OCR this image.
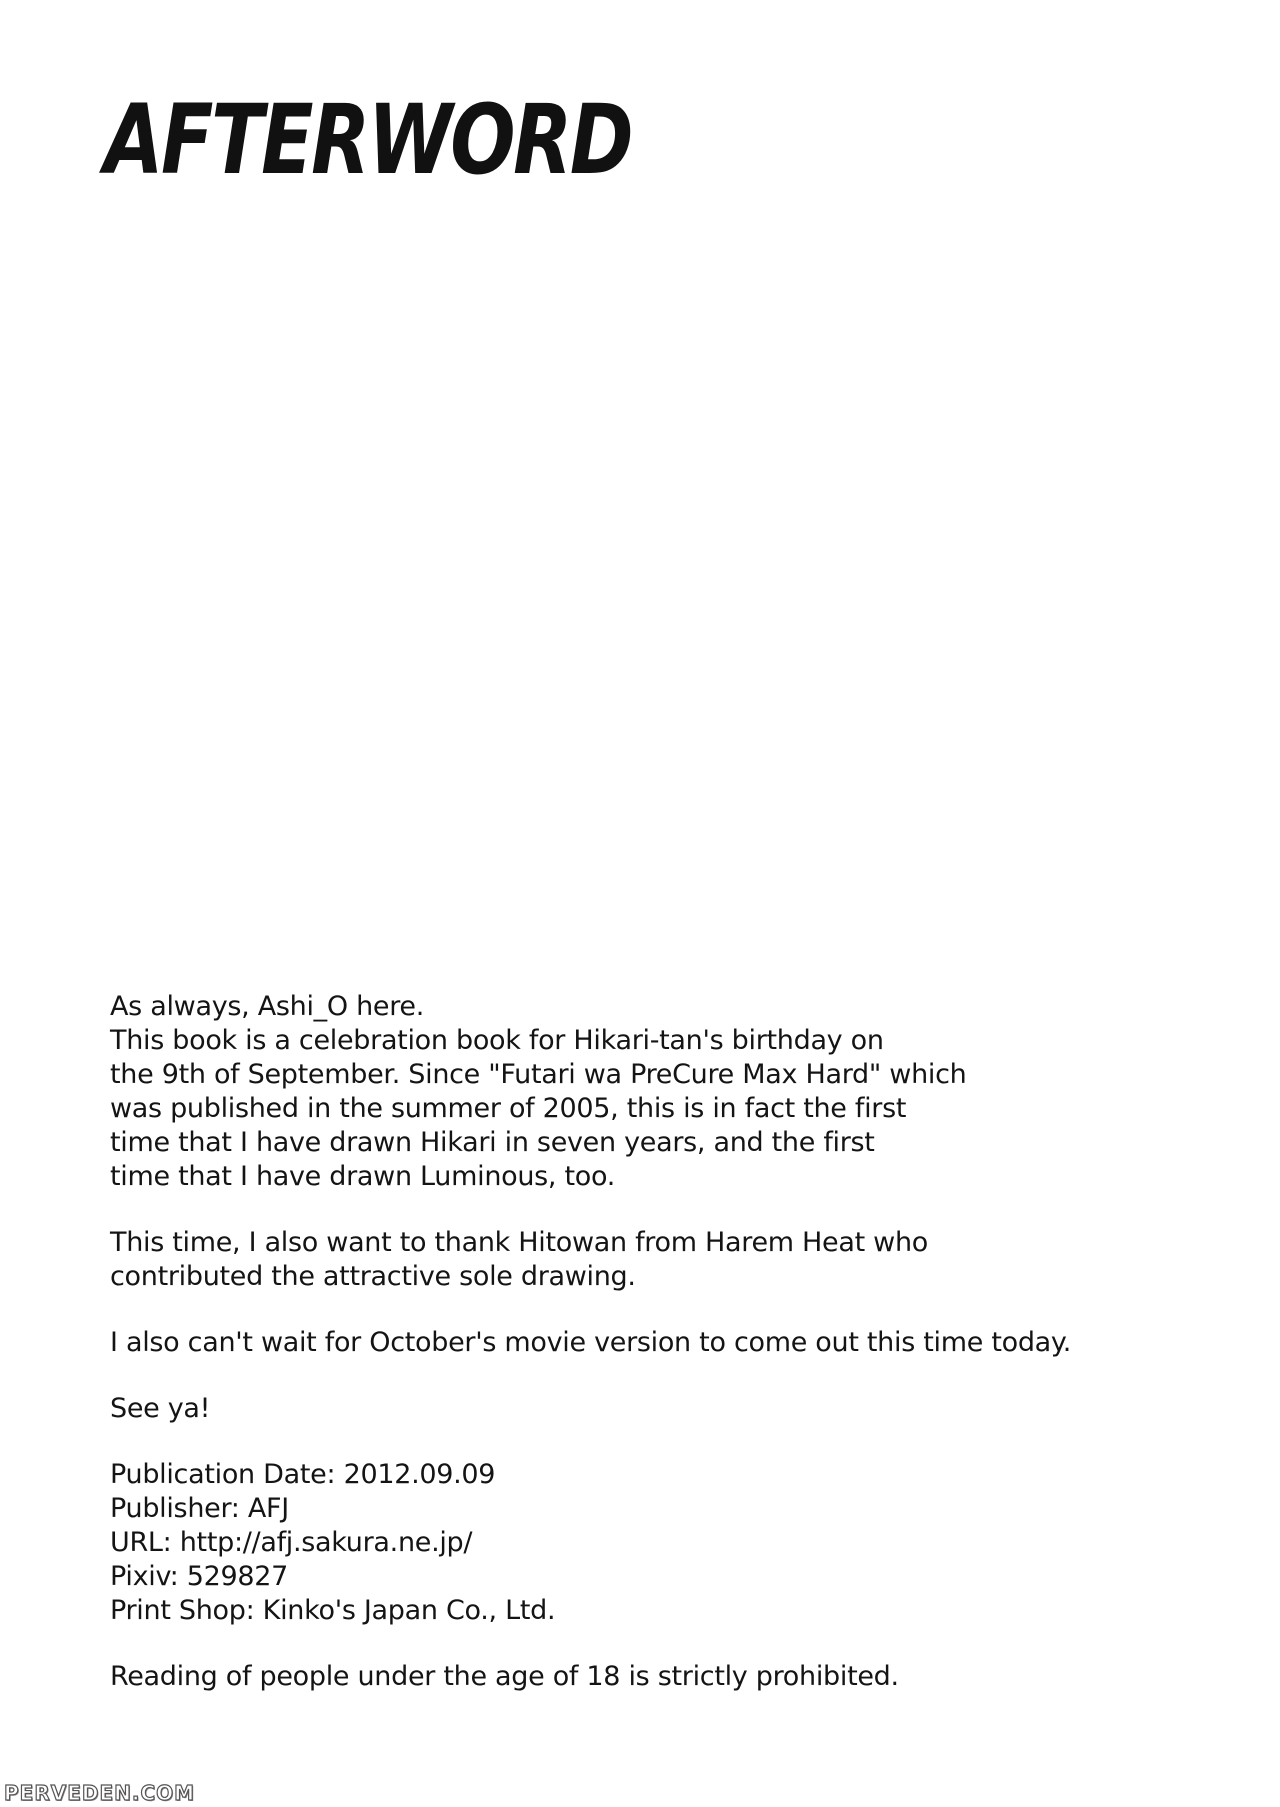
AFTERWORD

As always, Ashi_O here.
This book is a celebration book for Hikari-tan's birthday on
the 9th of September. Since "Futari wa PreCure Max Hard" which
was published in the summer of 2005, this is in fact the first
time that I have drawn Hikari in seven years, and the first
time that I have drawn Luminous, too.

This time, I also want to thank Hitowan from Harem Heat who
contributed the attractive sole drawing.

I also can't wait for October's movie version to come out this time today.

See ya!

Publication Date: 2012.09.09
Publisher: AFJ
URL: http://afj.sakura.ne.jp/
Pixiv: 529827
Print Shop: Kinko's Japan Co., Ltd.

Reading of people under the age of 18 is strictly prohibited.

PERVEDEN.COM
